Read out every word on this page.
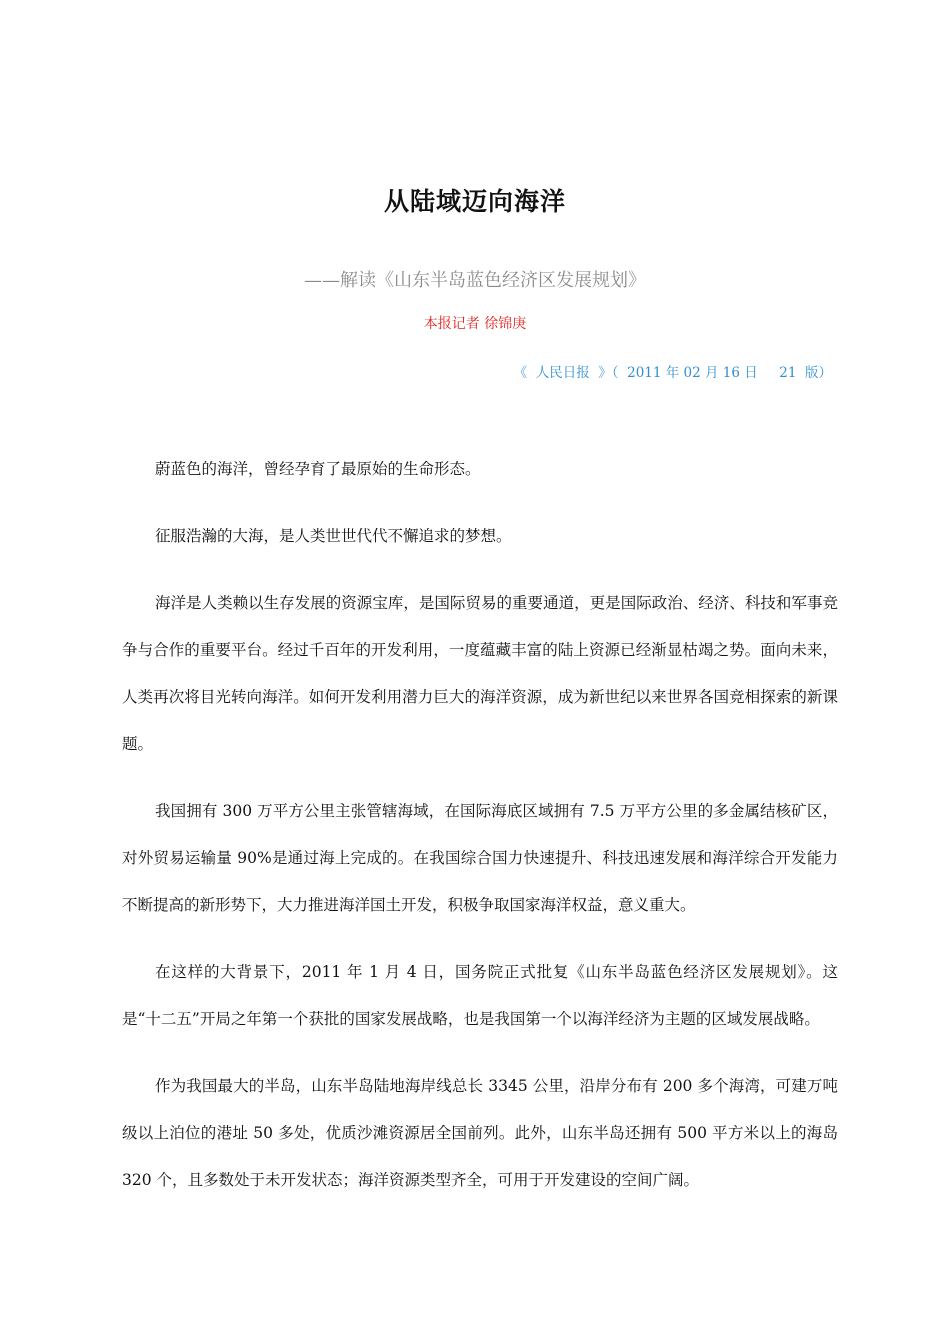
从陆域迈向海洋
——解读《山东半岛蓝色经济区发展规划》
本报记者 徐锦庚
《  人民日报  》（  2011 年 02 月 16 日     21  版）

蔚蓝色的海洋，曾经孕育了最原始的生命形态。

征服浩瀚的大海，是人类世世代代不懈追求的梦想。

海洋是人类赖以生存发展的资源宝库，是国际贸易的重要通道，更是国际政治、经济、科技和军事竞争与合作的重要平台。经过千百年的开发利用，一度蕴藏丰富的陆上资源已经渐显枯竭之势。面向未来，人类再次将目光转向海洋。如何开发利用潜力巨大的海洋资源，成为新世纪以来世界各国竞相探索的新课题。

我国拥有 300 万平方公里主张管辖海域，在国际海底区域拥有 7.5 万平方公里的多金属结核矿区，对外贸易运输量 90%是通过海上完成的。在我国综合国力快速提升、科技迅速发展和海洋综合开发能力不断提高的新形势下，大力推进海洋国土开发，积极争取国家海洋权益，意义重大。

在这样的大背景下，2011 年 1 月 4 日，国务院正式批复《山东半岛蓝色经济区发展规划》。这是“十二五”开局之年第一个获批的国家发展战略，也是我国第一个以海洋经济为主题的区域发展战略。

作为我国最大的半岛，山东半岛陆地海岸线总长 3345 公里，沿岸分布有 200 多个海湾，可建万吨级以上泊位的港址 50 多处，优质沙滩资源居全国前列。此外，山东半岛还拥有 500 平方米以上的海岛 320 个，且多数处于未开发状态；海洋资源类型齐全，可用于开发建设的空间广阔。
